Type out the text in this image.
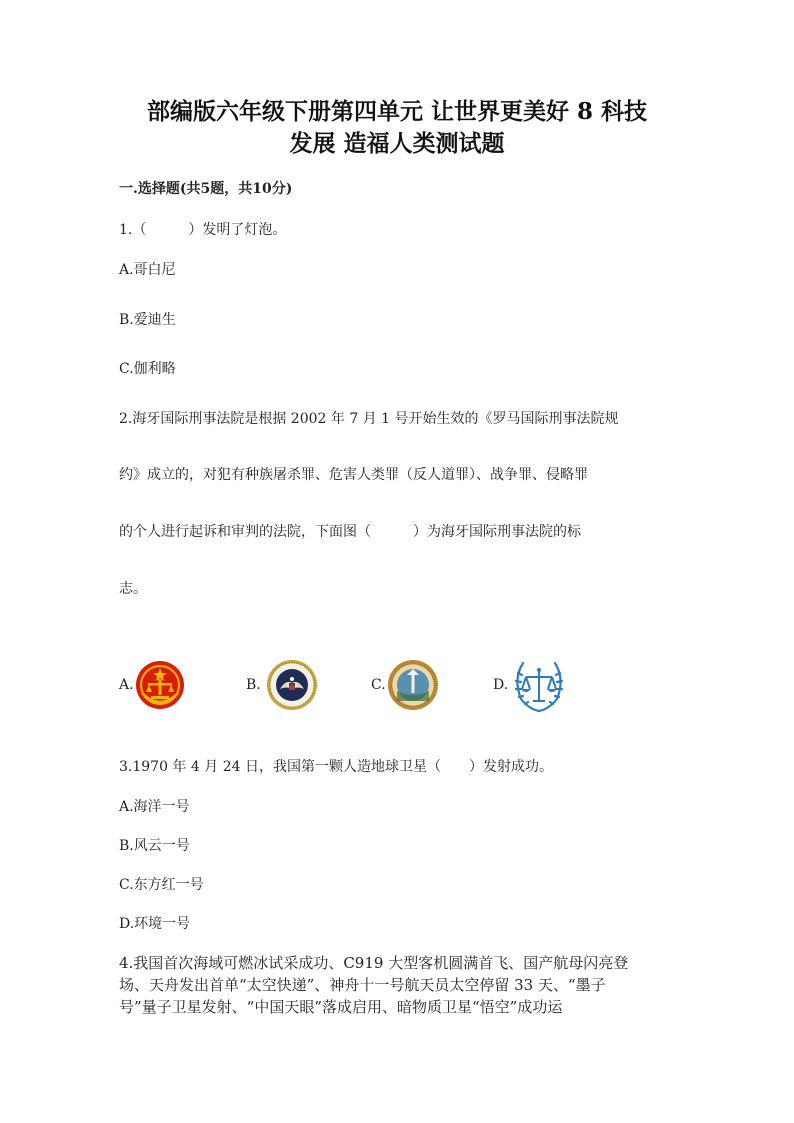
部编版六年级下册第四单元 让世界更美好 8 科技
发展 造福人类测试题
一.选择题(共5题，共10分)
1.（　　　）发明了灯泡。
A.哥白尼
B.爱迪生
C.伽利略
2.海牙国际刑事法院是根据 2002 年 7 月 1 号开始生效的《罗马国际刑事法院规
约》成立的，对犯有种族屠杀罪、危害人类罪（反人道罪）、战争罪、侵略罪
的个人进行起诉和审判的法院，下面图（　　　）为海牙国际刑事法院的标
志。
A.	B.	C.	D.
3.1970 年 4 月 24 日，我国第一颗人造地球卫星（　　）发射成功。
A.海洋一号
B.风云一号
C.东方红一号
D.环境一号
4.我国首次海域可燃冰试采成功、C919 大型客机圆满首飞、国产航母闪亮登
场、天舟发出首单“太空快递”、神舟十一号航天员太空停留 33 天、“墨子
号”量子卫星发射、“中国天眼”落成启用、暗物质卫星“悟空”成功运
